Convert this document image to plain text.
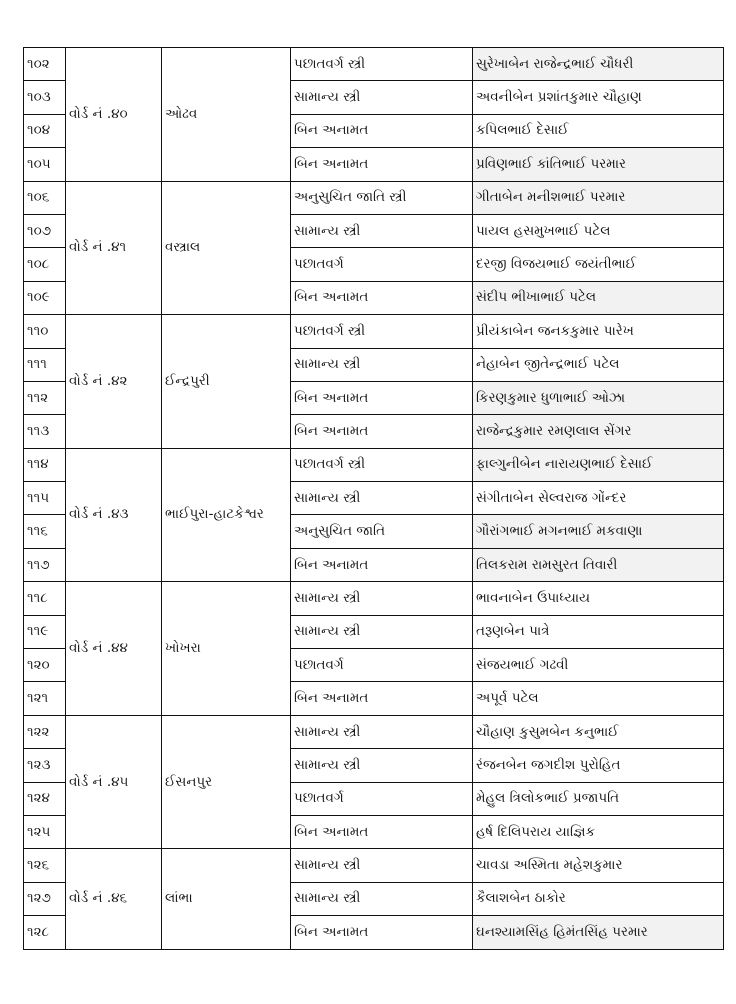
૧૦૨	વોર્ડ નં .૪૦	ઓઢવ	પછાતવર્ગ સ્ત્રી	સુરેખાબેન રાજેન્દ્રભાઈ ચૌધરી
૧૦૩			સામાન્ય સ્ત્રી	અવનીબેન પ્રશાંતકુમાર ચૌહાણ
૧૦૪			બિન અનામત	કપિલભાઈ દેસાઈ
૧૦૫			બિન અનામત	પ્રવિણભાઈ કાંતિભાઈ પરમાર
૧૦૬	વોર્ડ નં .૪૧	વસ્ત્રાલ	અનુસુચિત જાતિ સ્ત્રી	ગીતાબેન મનીશભાઈ પરમાર
૧૦૭			સામાન્ય સ્ત્રી	પાયલ હસમુખભાઈ પટેલ
૧૦૮			પછાતવર્ગ	દરજી વિજયભાઈ જયંતીભાઈ
૧૦૯			બિન અનામત	સંદીપ ભીખાભાઈ પટેલ
૧૧૦	વોર્ડ નં .૪૨	ઈન્દ્રપુરી	પછાતવર્ગ સ્ત્રી	પ્રીયંકાબેન જનકકુમાર પારેખ
૧૧૧			સામાન્ય સ્ત્રી	નેહાબેન જીતેન્દ્રભાઈ પટેલ
૧૧૨			બિન અનામત	કિરણકુમાર ધુળાભાઈ ઓઝા
૧૧૩			બિન અનામત	રાજેન્દ્રકુમાર રમણલાલ સેંગર
૧૧૪	વોર્ડ નં .૪૩	ભાઈપુરા-હાટકેશ્વર	પછાતવર્ગ સ્ત્રી	ફાલ્ગુનીબેન નારાયણભાઈ દેસાઈ
૧૧૫			સામાન્ય સ્ત્રી	સંગીતાબેન સેલ્વરાજ ગોંન્દર
૧૧૬			અનુસુચિત જાતિ	ગૌરાંગભાઈ મગનભાઈ મકવાણા
૧૧૭			બિન અનામત	તિલકરામ રામસુરત તિવારી
૧૧૮	વોર્ડ નં .૪૪	ખોખરા	સામાન્ય સ્ત્રી	ભાવનાબેન ઉપાધ્યાય
૧૧૯			સામાન્ય સ્ત્રી	તરૂણબેન પાત્રે
૧૨૦			પછાતવર્ગ	સંજયભાઈ ગઢવી
૧૨૧			બિન અનામત	અપૂર્વ પટેલ
૧૨૨	વોર્ડ નં .૪૫	ઈસનપુર	સામાન્ય સ્ત્રી	ચૌહાણ કુસુમબેન કનુભાઈ
૧૨૩			સામાન્ય સ્ત્રી	રંજનબેન જગદીશ પુરોહિત
૧૨૪			પછાતવર્ગ	મેહુલ ત્રિલોકભાઈ પ્રજાપતિ
૧૨૫			બિન અનામત	હર્ષ દિલિપરાય યાજ્ઞિક
૧૨૬	વોર્ડ નં .૪૬	લાંભા	સામાન્ય સ્ત્રી	ચાવડા અસ્મિતા મહેશકુમાર
૧૨૭			સામાન્ય સ્ત્રી	કૈલાશબેન ઠાકોર
૧૨૮			બિન અનામત	ઘનશ્યામસિંહ હિમંતસિંહ પરમાર
